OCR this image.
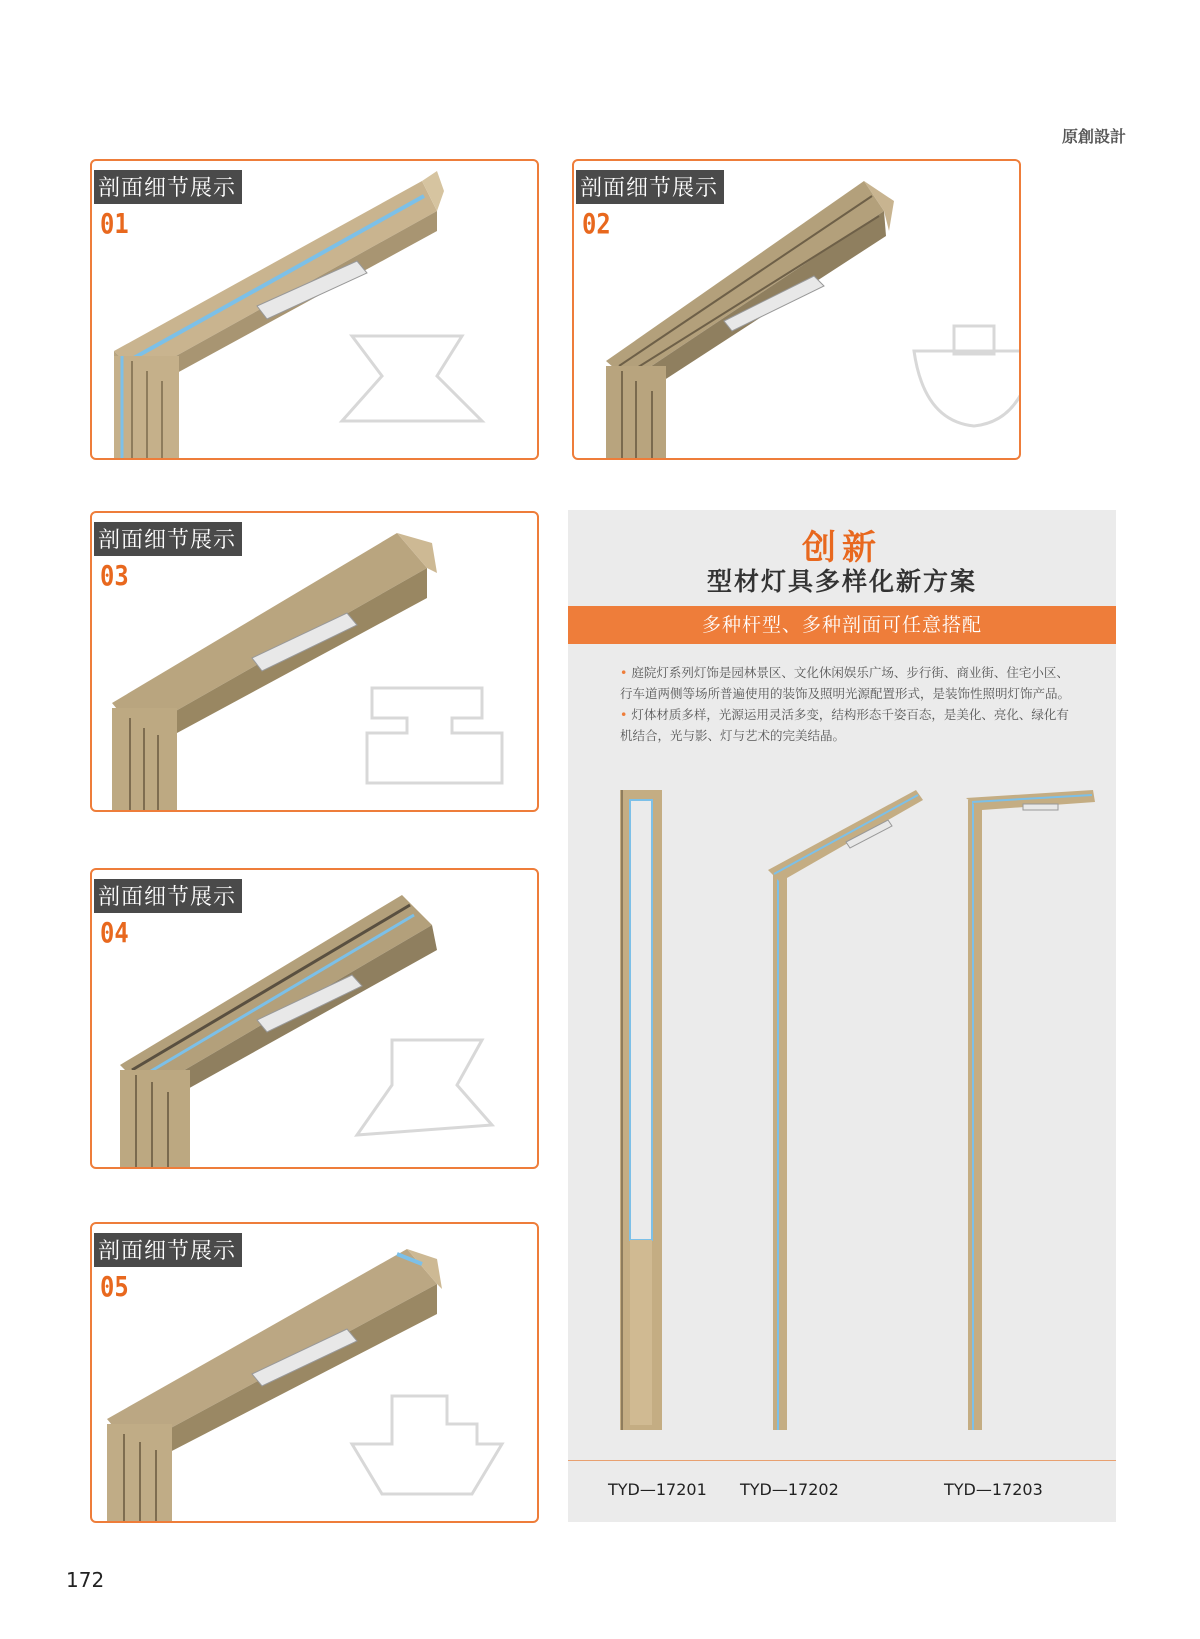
原創設計
剖面细节展示
01
剖面细节展示
02
剖面细节展示
03
剖面细节展示
04
剖面细节展示
05
创新
型材灯具多样化新方案
多种杆型、多种剖面可任意搭配

• 庭院灯系列灯饰是园林景区、文化休闲娱乐广场、步行街、商业街、住宅小区、行车道两侧等场所普遍使用的装饰及照明光源配置形式，是装饰性照明灯饰产品。

• 灯体材质多样，光源运用灵活多变，结构形态千姿百态，是美化、亮化、绿化有机结合，光与影、灯与艺术的完美结晶。

TYD—17201 TYD—17202	TYD—17203
172
